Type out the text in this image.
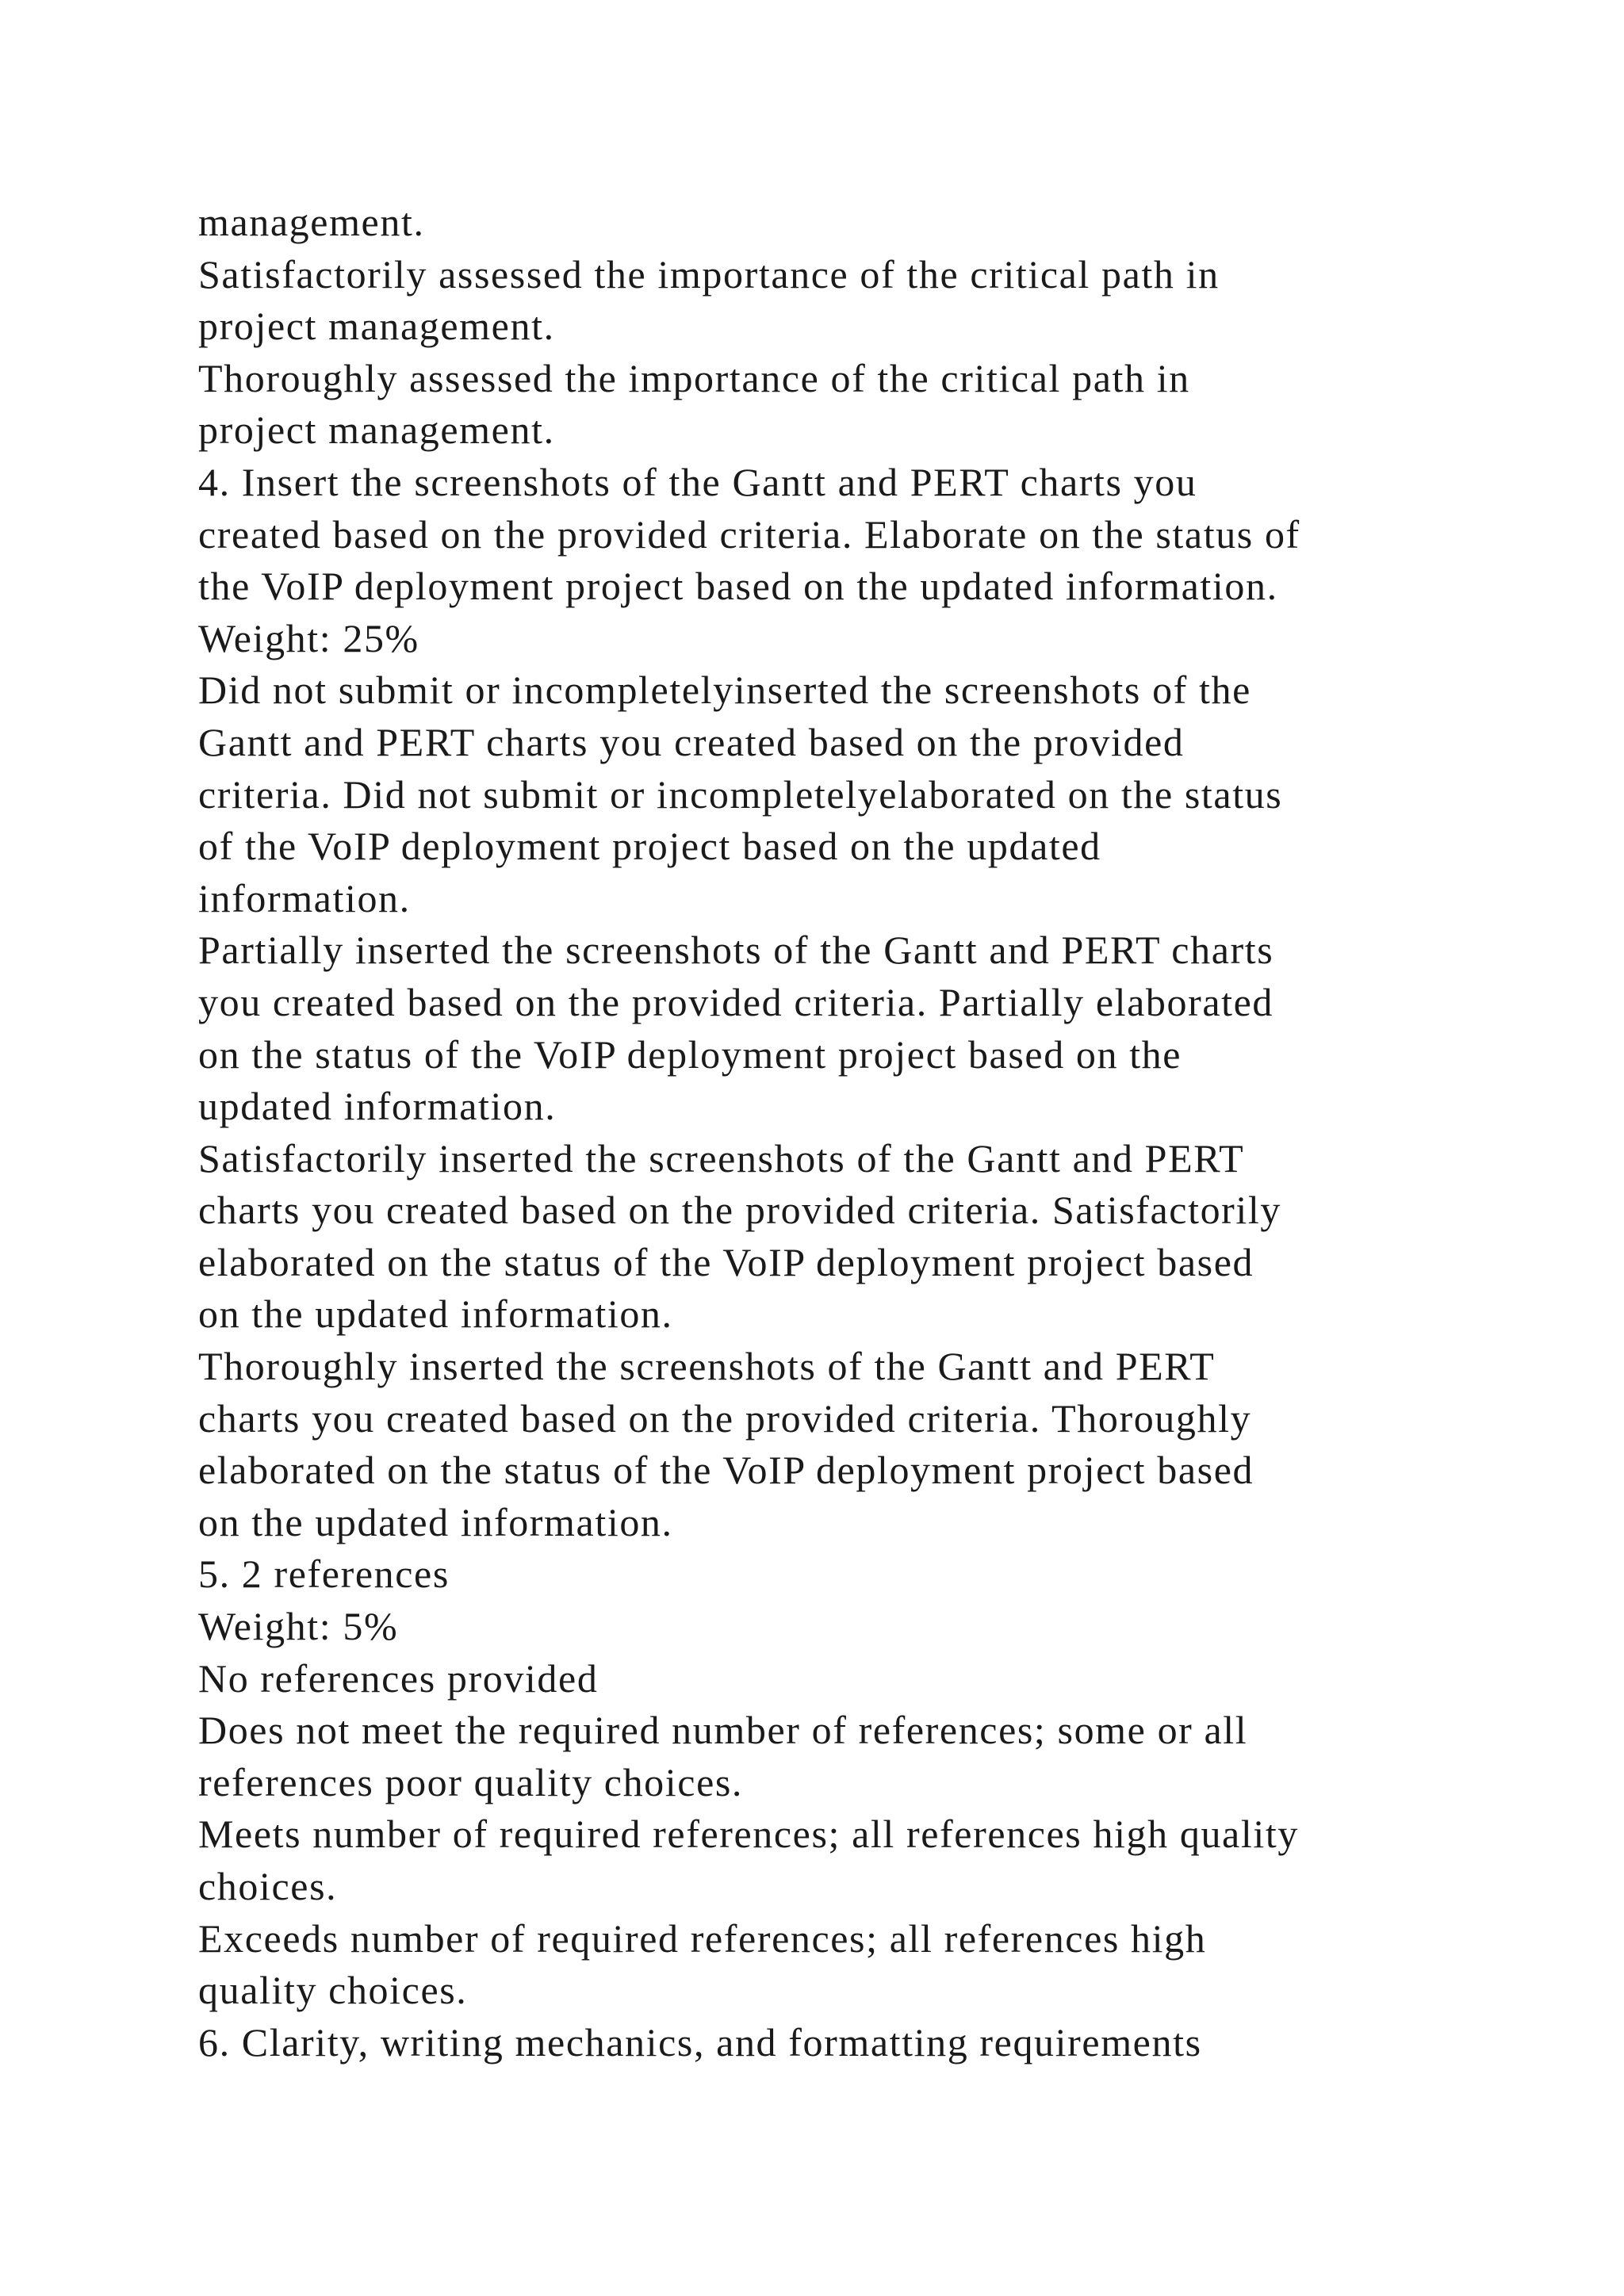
management.
Satisfactorily assessed the importance of the critical path in
project management.
Thoroughly assessed the importance of the critical path in
project management.
4. Insert the screenshots of the Gantt and PERT charts you
created based on the provided criteria. Elaborate on the status of
the VoIP deployment project based on the updated information.
Weight: 25%
Did not submit or incompletelyinserted the screenshots of the
Gantt and PERT charts you created based on the provided
criteria. Did not submit or incompletelyelaborated on the status
of the VoIP deployment project based on the updated
information.
Partially inserted the screenshots of the Gantt and PERT charts
you created based on the provided criteria. Partially elaborated
on the status of the VoIP deployment project based on the
updated information.
Satisfactorily inserted the screenshots of the Gantt and PERT
charts you created based on the provided criteria. Satisfactorily
elaborated on the status of the VoIP deployment project based
on the updated information.
Thoroughly inserted the screenshots of the Gantt and PERT
charts you created based on the provided criteria. Thoroughly
elaborated on the status of the VoIP deployment project based
on the updated information.
5. 2 references
Weight: 5%
No references provided
Does not meet the required number of references; some or all
references poor quality choices.
Meets number of required references; all references high quality
choices.
Exceeds number of required references; all references high
quality choices.
6. Clarity, writing mechanics, and formatting requirements
